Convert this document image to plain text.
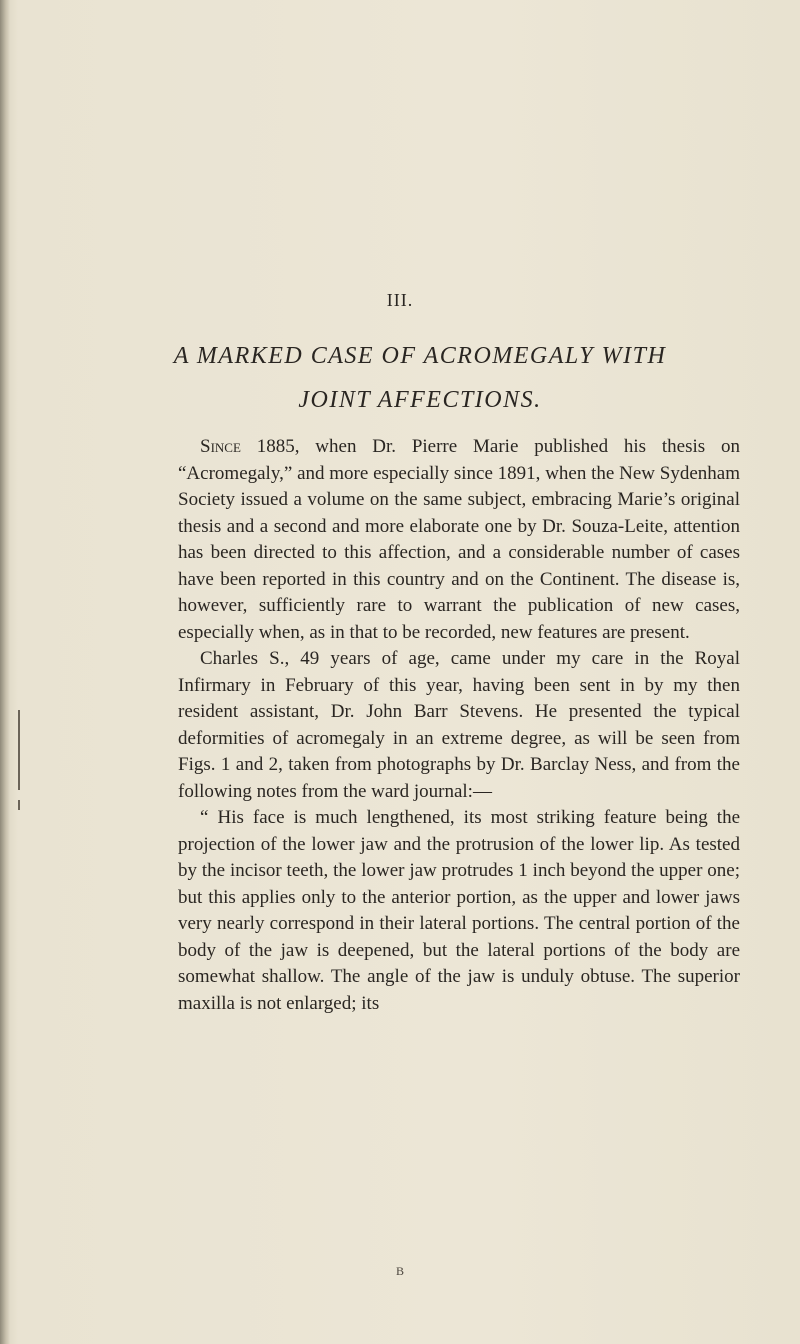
III.
A MARKED CASE OF ACROMEGALY WITH
JOINT AFFECTIONS.

Since 1885, when Dr. Pierre Marie published his thesis on “Acromegaly,” and more especially since 1891, when the New Sydenham Society issued a volume on the same subject, embracing Marie’s original thesis and a second and more elaborate one by Dr. Souza-Leite, attention has been directed to this affection, and a considerable number of cases have been reported in this country and on the Continent. The disease is, however, sufficiently rare to warrant the publication of new cases, especially when, as in that to be recorded, new features are present.

Charles S., 49 years of age, came under my care in the Royal Infirmary in February of this year, having been sent in by my then resident assistant, Dr. John Barr Stevens. He presented the typical deformities of acromegaly in an extreme degree, as will be seen from Figs. 1 and 2, taken from photographs by Dr. Barclay Ness, and from the following notes from the ward journal:—

“ His face is much lengthened, its most striking feature being the projection of the lower jaw and the protrusion of the lower lip. As tested by the incisor teeth, the lower jaw protrudes 1 inch beyond the upper one; but this applies only to the anterior portion, as the upper and lower jaws very nearly correspond in their lateral portions. The central portion of the body of the jaw is deepened, but the lateral portions of the body are somewhat shallow. The angle of the jaw is unduly obtuse. The superior maxilla is not enlarged; its

B
